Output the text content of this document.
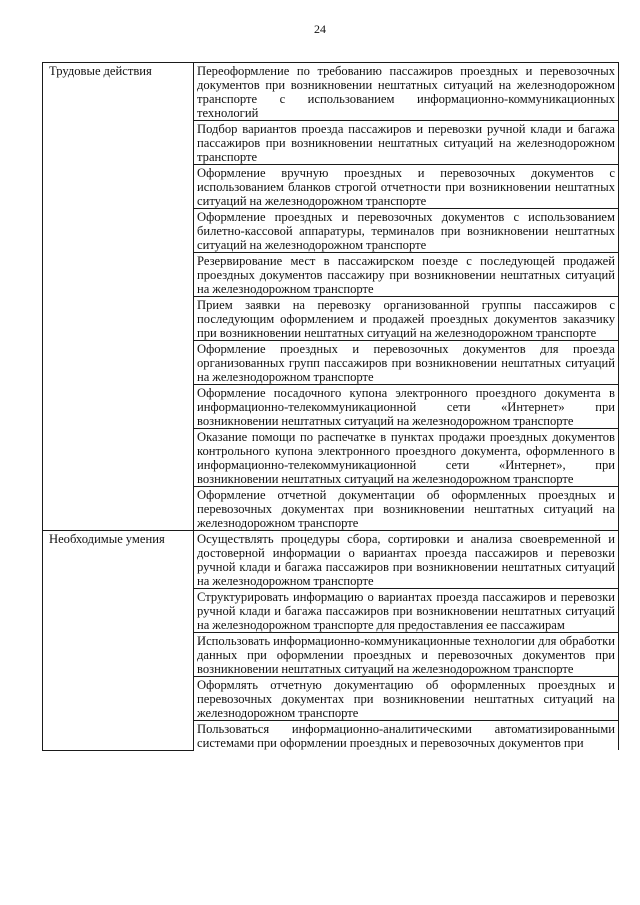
24
Трудовые действия	Переоформление по требованию пассажиров проездных и перевозочных документов при возникновении нештатных ситуаций на железнодорожном транспорте с использованием информационно-коммуникационных технологий
	Подбор вариантов проезда пассажиров и перевозки ручной клади и багажа пассажиров при возникновении нештатных ситуаций на железнодорожном транспорте
	Оформление вручную проездных и перевозочных документов с использованием бланков строгой отчетности при возникновении нештатных ситуаций на железнодорожном транспорте
	Оформление проездных и перевозочных документов с использованием билетно-кассовой аппаратуры, терминалов при возникновении нештатных ситуаций на железнодорожном транспорте
	Резервирование мест в пассажирском поезде с последующей продажей проездных документов пассажиру при возникновении нештатных ситуаций на железнодорожном транспорте
	Прием заявки на перевозку организованной группы пассажиров с последующим оформлением и продажей проездных документов заказчику при возникновении нештатных ситуаций на железнодорожном транспорте
	Оформление проездных и перевозочных документов для проезда организованных групп пассажиров при возникновении нештатных ситуаций на железнодорожном транспорте
	Оформление посадочного купона электронного проездного документа в информационно-телекоммуникационной сети «Интернет» при возникновении нештатных ситуаций на железнодорожном транспорте
	Оказание помощи по распечатке в пунктах продажи проездных документов контрольного купона электронного проездного документа, оформленного в информационно-телекоммуникационной сети «Интернет», при возникновении нештатных ситуаций на железнодорожном транспорте
	Оформление отчетной документации об оформленных проездных и перевозочных документах при возникновении нештатных ситуаций на железнодорожном транспорте
Необходимые умения	Осуществлять процедуры сбора, сортировки и анализа своевременной и достоверной информации о вариантах проезда пассажиров и перевозки ручной клади и багажа пассажиров при возникновении нештатных ситуаций на железнодорожном транспорте
	Структурировать информацию о вариантах проезда пассажиров и перевозки ручной клади и багажа пассажиров при возникновении нештатных ситуаций на железнодорожном транспорте для предоставления ее пассажирам
	Использовать информационно-коммуникационные технологии для обработки данных при оформлении проездных и перевозочных документов при возникновении нештатных ситуаций на железнодорожном транспорте
	Оформлять отчетную документацию об оформленных проездных и перевозочных документах при возникновении нештатных ситуаций на железнодорожном транспорте
	Пользоваться информационно-аналитическими автоматизированными системами при оформлении проездных и перевозочных документов при
